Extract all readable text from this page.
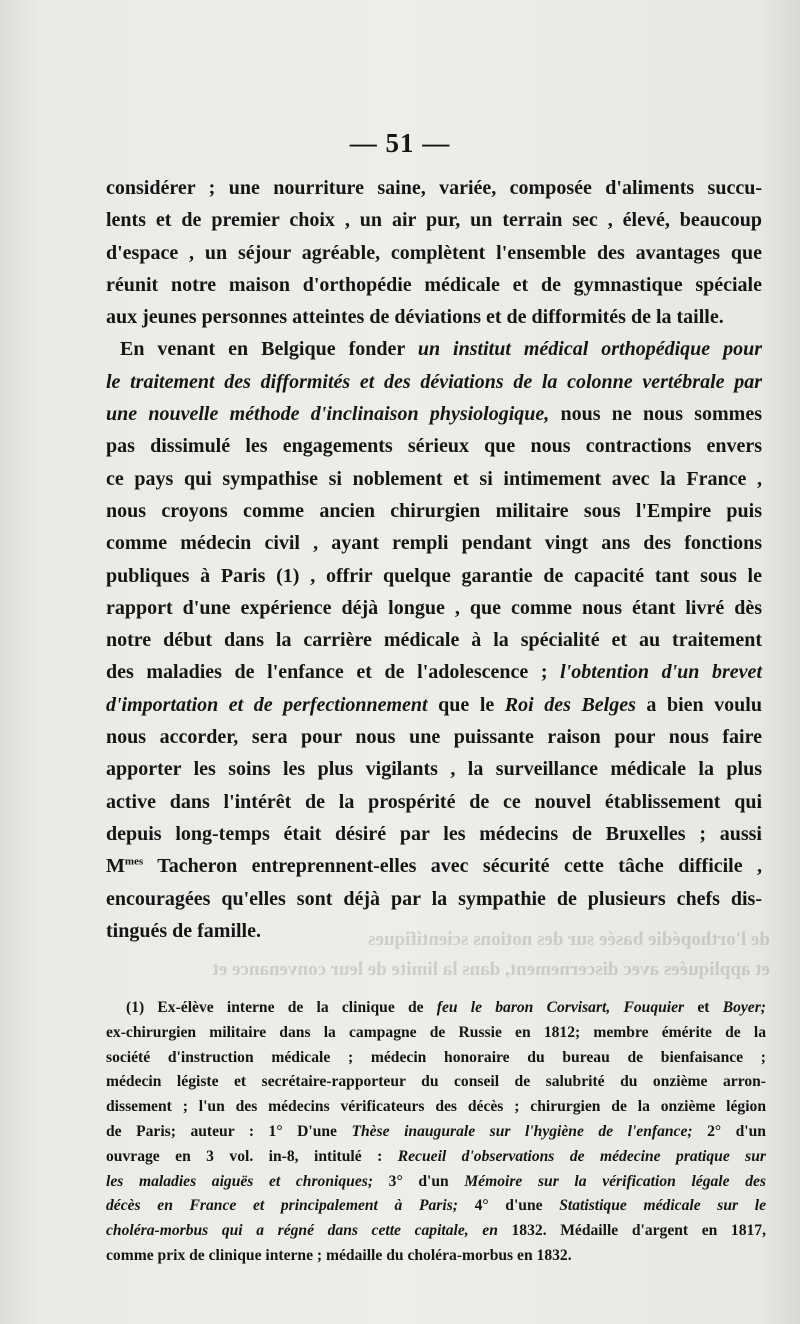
— 51 —
considérer ; une nourriture saine, variée, composée d'aliments succu-
lents et de premier choix , un air pur, un terrain sec , élevé, beaucoup
d'espace , un séjour agréable, complètent l'ensemble des avantages que
réunit notre maison d'orthopédie médicale et de gymnastique spéciale
aux jeunes personnes atteintes de déviations et de difformités de la taille.
En venant en Belgique fonder un institut médical orthopédique pour
le traitement des difformités et des déviations de la colonne vertébrale par
une nouvelle méthode d'inclinaison physiologique, nous ne nous sommes
pas dissimulé les engagements sérieux que nous contractions envers
ce pays qui sympathise si noblement et si intimement avec la France ,
nous croyons comme ancien chirurgien militaire sous l'Empire puis
comme médecin civil , ayant rempli pendant vingt ans des fonctions
publiques à Paris (1) , offrir quelque garantie de capacité tant sous le
rapport d'une expérience déjà longue , que comme nous étant livré dès
notre début dans la carrière médicale à la spécialité et au traitement
des maladies de l'enfance et de l'adolescence ; l'obtention d'un brevet
d'importation et de perfectionnement que le Roi des Belges a bien voulu
nous accorder, sera pour nous une puissante raison pour nous faire
apporter les soins les plus vigilants , la surveillance médicale la plus
active dans l'intérêt de la prospérité de ce nouvel établissement qui
depuis long-temps était désiré par les médecins de Bruxelles ; aussi
$M^{mes}$ Tacheron entreprennent-elles avec sécurité cette tâche difficile ,
encouragées qu'elles sont déjà par la sympathie de plusieurs chefs dis-
tingués de famille.	de l'orthopédie basée sur des notions scientifiques
et appliquées avec discernement, dans la limite de leur convenance et
(1) Ex-élève interne de la clinique de feu le baron Corvisart, Fouquier et Boyer;
ex-chirurgien militaire dans la campagne de Russie en 1812; membre émérite de la
société d'instruction médicale ; médecin honoraire du bureau de bienfaisance ;
médecin légiste et secrétaire-rapporteur du conseil de salubrité du onzième arron-
dissement ; l'un des médecins vérificateurs des décès ; chirurgien de la onzième légion
de Paris; auteur : 1° D'une Thèse inaugurale sur l'hygiène de l'enfance; 2° d'un
ouvrage en 3 vol. in-8, intitulé : Recueil d'observations de médecine pratique sur
les maladies aiguës et chroniques; 3° d'un Mémoire sur la vérification légale des
décès en France et principalement à Paris; 4° d'une Statistique médicale sur le
choléra-morbus qui a régné dans cette capitale, en 1832. Médaille d'argent en 1817,
comme prix de clinique interne ; médaille du choléra-morbus en 1832.
